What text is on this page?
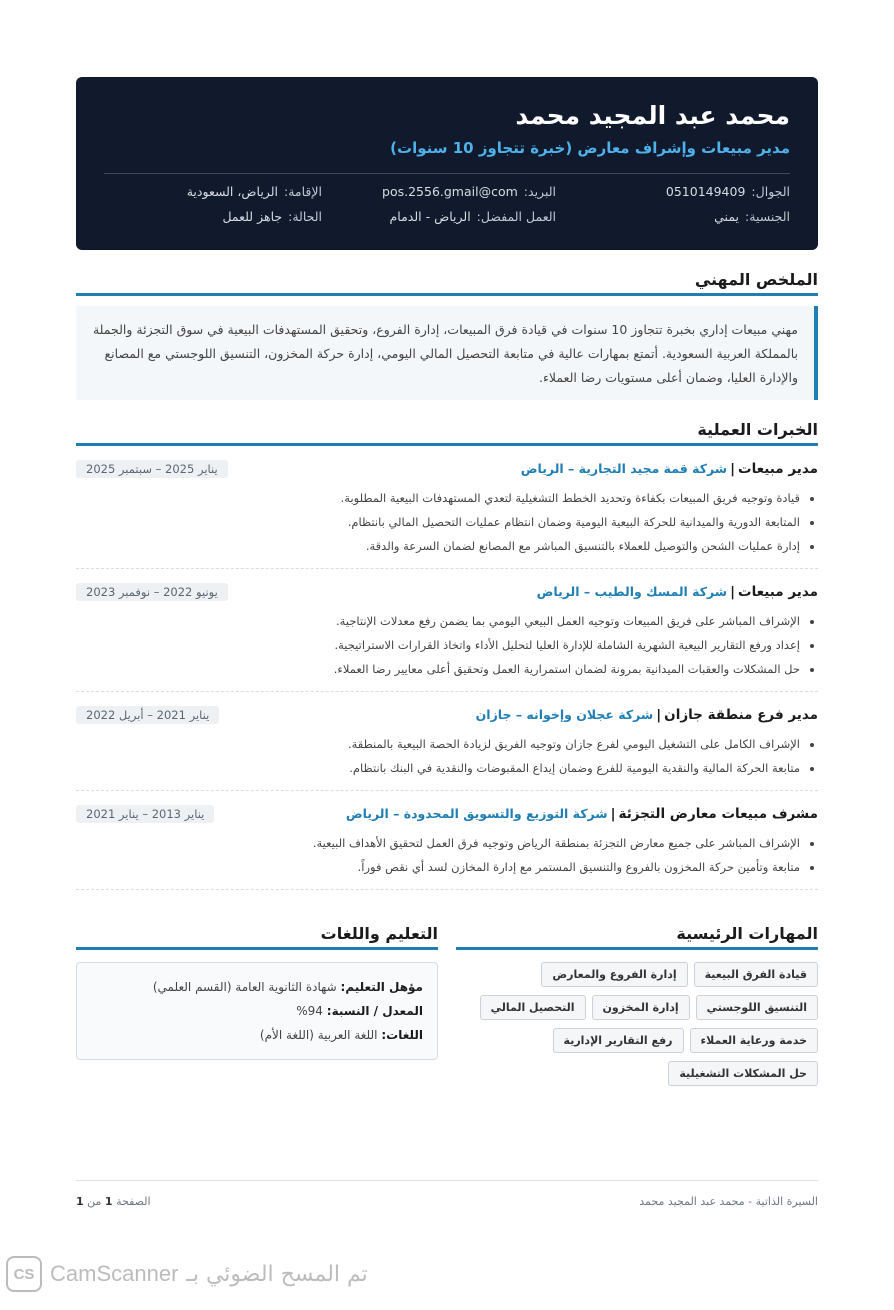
محمد عبد المجيد محمد
مدير مبيعات وإشراف معارض (خبرة تتجاوز 10 سنوات)
الجوال:0510149409
البريد:pos.2556.gmail@com
الإقامة:الرياض، السعودية
الجنسية:يمني
العمل المفضل:الرياض - الدمام
الحالة:جاهز للعمل
الملخص المهني
مهني مبيعات إداري بخبرة تتجاوز 10 سنوات في قيادة فرق المبيعات، إدارة الفروع، وتحقيق المستهدفات البيعية في سوق التجزئة والجملة بالمملكة العربية السعودية. أتمتع بمهارات عالية في متابعة التحصيل المالي اليومي، إدارة حركة المخزون، التنسيق اللوجستي مع المصانع والإدارة العليا، وضمان أعلى مستويات رضا العملاء.
الخبرات العملية
مدير مبيعات|شركة قمة مجيد التجارية – الرياض
يناير 2025 – سبتمبر 2025
• قيادة وتوجيه فريق المبيعات بكفاءة وتحديد الخطط التشغيلية لتعدي المستهدفات البيعية المطلوبة.
• المتابعة الدورية والميدانية للحركة البيعية اليومية وضمان انتظام عمليات التحصيل المالي بانتظام.
• إدارة عمليات الشحن والتوصيل للعملاء بالتنسيق المباشر مع المصانع لضمان السرعة والدقة.
مدير مبيعات|شركة المسك والطيب – الرياض
يونيو 2022 – نوفمبر 2023
• الإشراف المباشر على فريق المبيعات وتوجيه العمل البيعي اليومي بما يضمن رفع معدلات الإنتاجية.
• إعداد ورفع التقارير البيعية الشهرية الشاملة للإدارة العليا لتحليل الأداء واتخاذ القرارات الاستراتيجية.
• حل المشكلات والعقبات الميدانية بمرونة لضمان استمرارية العمل وتحقيق أعلى معايير رضا العملاء.
مدير فرع منطقة جازان|شركة عجلان وإخوانه – جازان
يناير 2021 – أبريل 2022
• الإشراف الكامل على التشغيل اليومي لفرع جازان وتوجيه الفريق لزيادة الحصة البيعية بالمنطقة.
• متابعة الحركة المالية والنقدية اليومية للفرع وضمان إيداع المقبوضات والنقدية في البنك بانتظام.
مشرف مبيعات معارض التجزئة|شركة التوزيع والتسويق المحدودة – الرياض
يناير 2013 – يناير 2021
• الإشراف المباشر على جميع معارض التجزئة بمنطقة الرياض وتوجيه فرق العمل لتحقيق الأهداف البيعية.
• متابعة وتأمين حركة المخزون بالفروع والتنسيق المستمر مع إدارة المخازن لسد أي نقص فوراً.
المهارات الرئيسية
قيادة الفرق البيعية
إدارة الفروع والمعارض
التنسيق اللوجستي
إدارة المخزون
التحصيل المالي
خدمة ورعاية العملاء
رفع التقارير الإدارية
حل المشكلات التشغيلية
التعليم واللغات
مؤهل التعليم: شهادة الثانوية العامة (القسم العلمي)
المعدل / النسبة: 94%
اللغات: اللغة العربية (اللغة الأم)
السيرة الذاتية - محمد عبد المجيد محمد
الصفحة 1 من 1
CS CamScanner تم المسح الضوئي بـ
